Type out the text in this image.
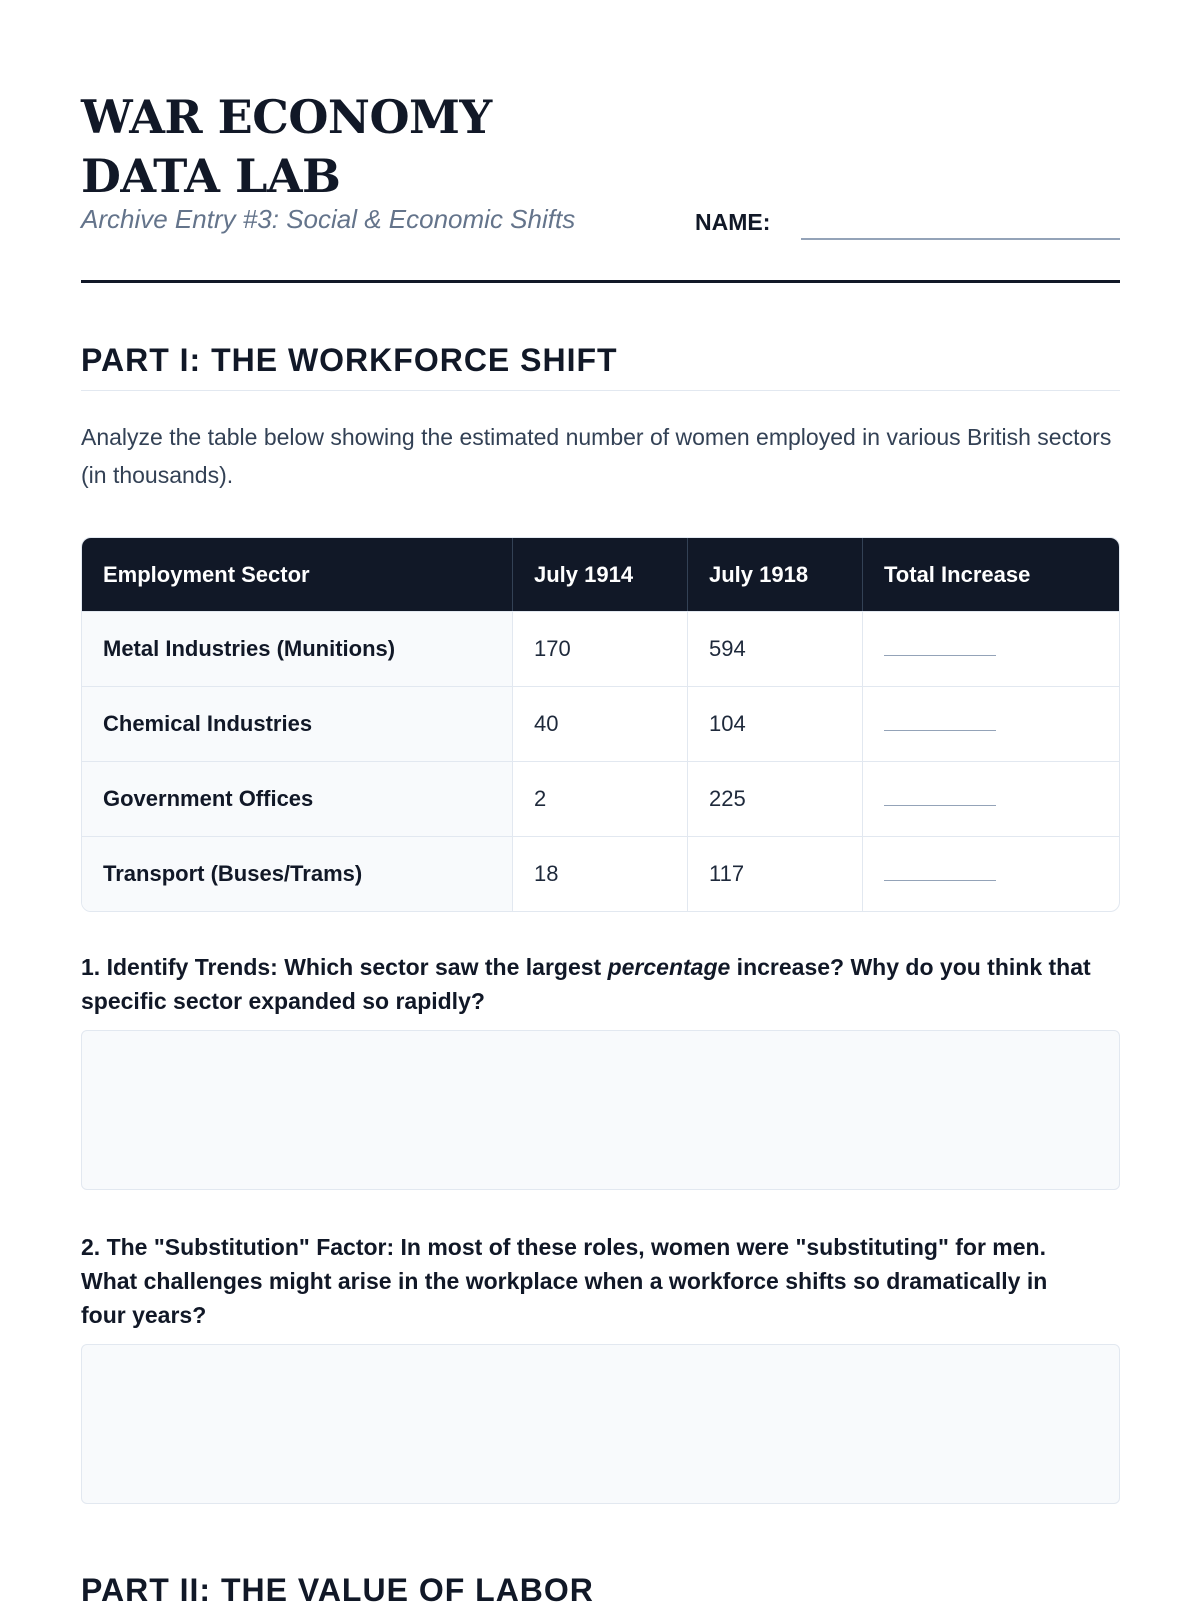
WAR ECONOMY DATA LAB
Archive Entry #3: Social & Economic Shifts	NAME:
PART I: THE WORKFORCE SHIFT

Analyze the table below showing the estimated number of women employed in various British sectors (in thousands).

Employment Sector	July 1914	July 1918	Total Increase
Metal Industries (Munitions)	170	594	
Chemical Industries	40	104	
Government Offices	2	225	
Transport (Buses/Trams)	18	117	

1. Identify Trends: Which sector saw the largest percentage increase? Why do you think that specific sector expanded so rapidly?

2. The "Substitution" Factor: In most of these roles, women were "substituting" for men. What challenges might arise in the workplace when a workforce shifts so dramatically in four years?

PART II: THE VALUE OF LABOR
